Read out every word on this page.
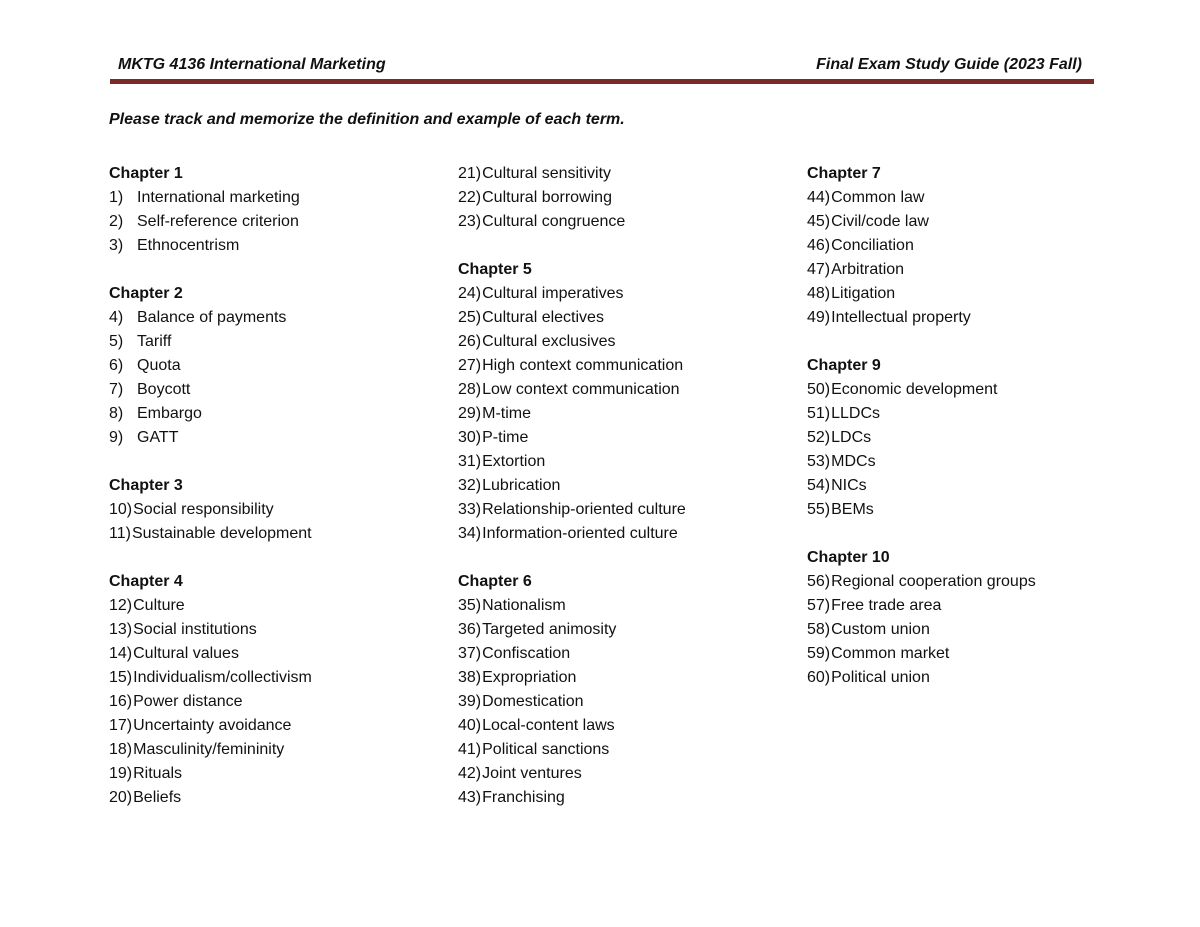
MKTG 4136 International Marketing	Final Exam Study Guide (2023 Fall)
Please track and memorize the definition and example of each term.
Chapter 1
1) International marketing
2) Self-reference criterion
3) Ethnocentrism
Chapter 2
4) Balance of payments
5) Tariff
6) Quota
7) Boycott
8) Embargo
9) GATT
Chapter 3
10) Social responsibility
11) Sustainable development
Chapter 4
12) Culture
13) Social institutions
14) Cultural values
15) Individualism/collectivism
16) Power distance
17) Uncertainty avoidance
18) Masculinity/femininity
19) Rituals
20) Beliefs
21) Cultural sensitivity
22) Cultural borrowing
23) Cultural congruence
Chapter 5
24) Cultural imperatives
25) Cultural electives
26) Cultural exclusives
27) High context communication
28) Low context communication
29) M-time
30) P-time
31) Extortion
32) Lubrication
33) Relationship-oriented culture
34) Information-oriented culture
Chapter 6
35) Nationalism
36) Targeted animosity
37) Confiscation
38) Expropriation
39) Domestication
40) Local-content laws
41) Political sanctions
42) Joint ventures
43) Franchising
Chapter 7
44) Common law
45) Civil/code law
46) Conciliation
47) Arbitration
48) Litigation
49) Intellectual property
Chapter 9
50) Economic development
51) LLDCs
52) LDCs
53) MDCs
54) NICs
55) BEMs
Chapter 10
56) Regional cooperation groups
57) Free trade area
58) Custom union
59) Common market
60) Political union
